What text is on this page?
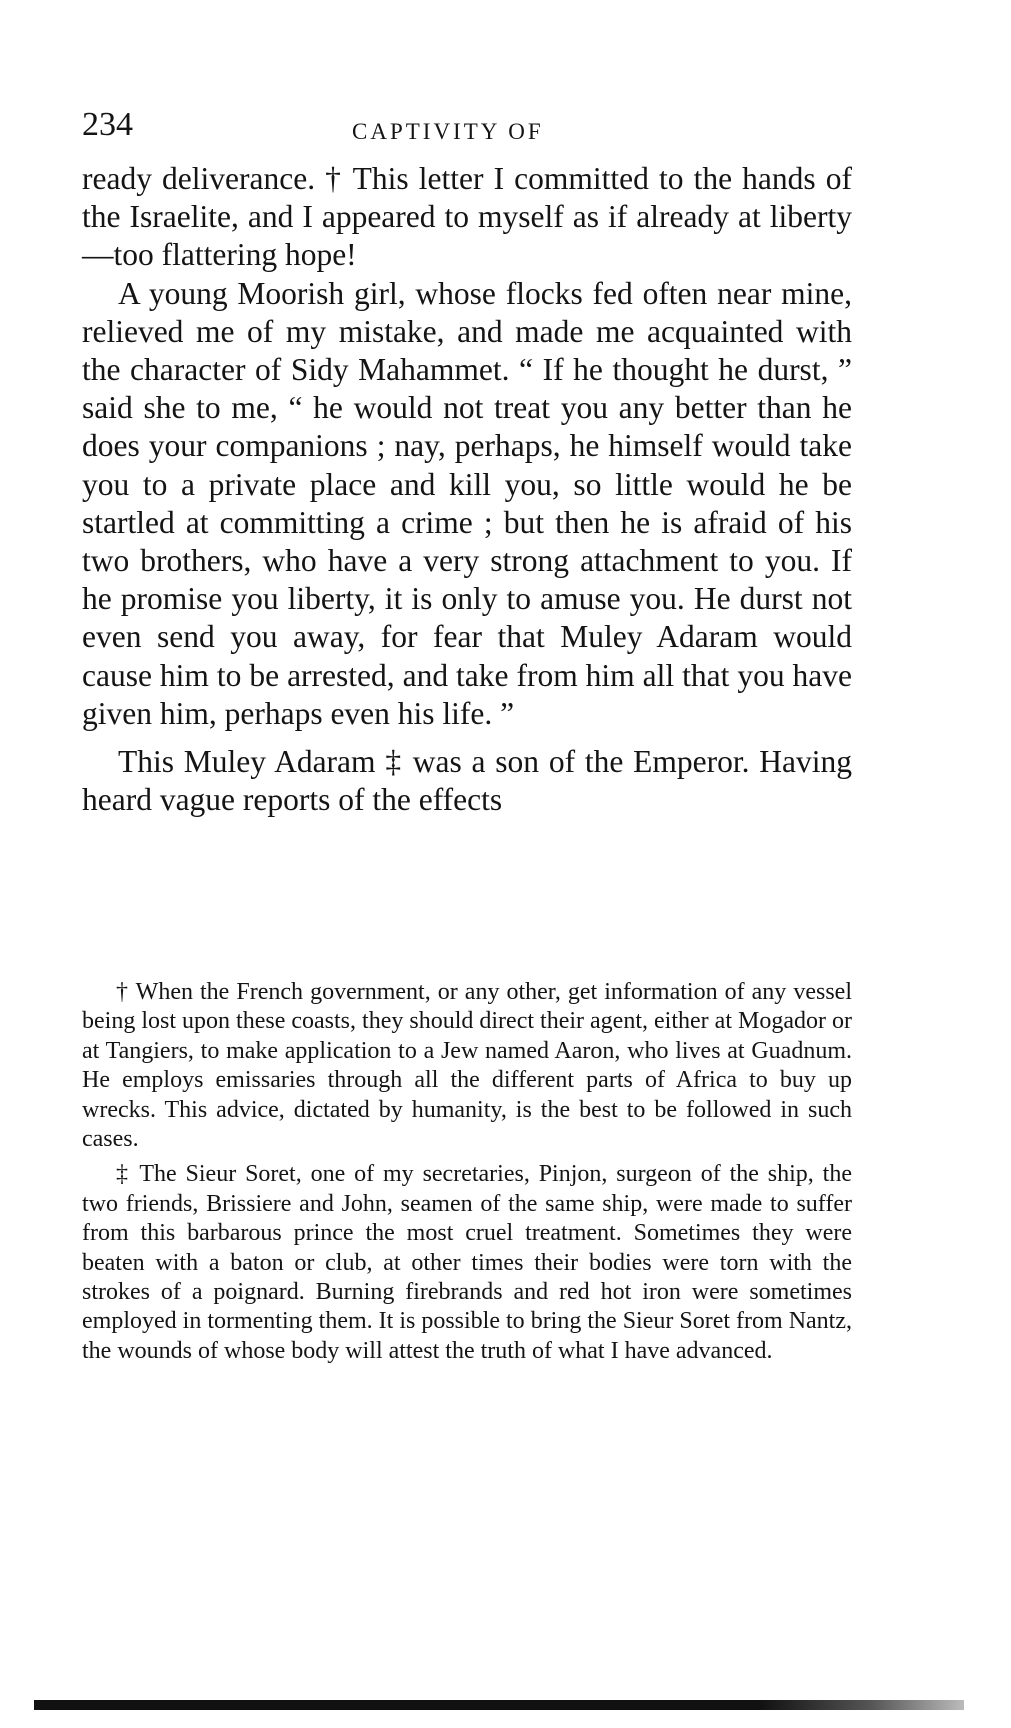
234	CAPTIVITY OF

ready deliverance. † This letter I committed to the hands of the Israelite, and I appeared to myself as if already at liberty—too flattering hope!

A young Moorish girl, whose flocks fed often near mine, relieved me of my mistake, and made me acquainted with the character of Sidy Mahammet. “ If he thought he durst, ” said she to me, “ he would not treat you any better than he does your companions ; nay, perhaps, he himself would take you to a private place and kill you, so little would he be startled at committing a crime ; but then he is afraid of his two brothers, who have a very strong attachment to you. If he promise you liberty, it is only to amuse you. He durst not even send you away, for fear that Muley Adaram would cause him to be arrested, and take from him all that you have given him, perhaps even his life. ”

This Muley Adaram ‡ was a son of the Emperor. Having heard vague reports of the effects

† When the French government, or any other, get information of any vessel being lost upon these coasts, they should direct their agent, either at Mogador or at Tangiers, to make application to a Jew named Aaron, who lives at Guadnum. He employs emissaries through all the different parts of Africa to buy up wrecks. This advice, dictated by humanity, is the best to be followed in such cases.

‡ The Sieur Soret, one of my secretaries, Pinjon, surgeon of the ship, the two friends, Brissiere and John, seamen of the same ship, were made to suffer from this barbarous prince the most cruel treatment. Sometimes they were beaten with a baton or club, at other times their bodies were torn with the strokes of a poignard. Burning firebrands and red hot iron were sometimes employed in tormenting them. It is possible to bring the Sieur Soret from Nantz, the wounds of whose body will attest the truth of what I have advanced.
